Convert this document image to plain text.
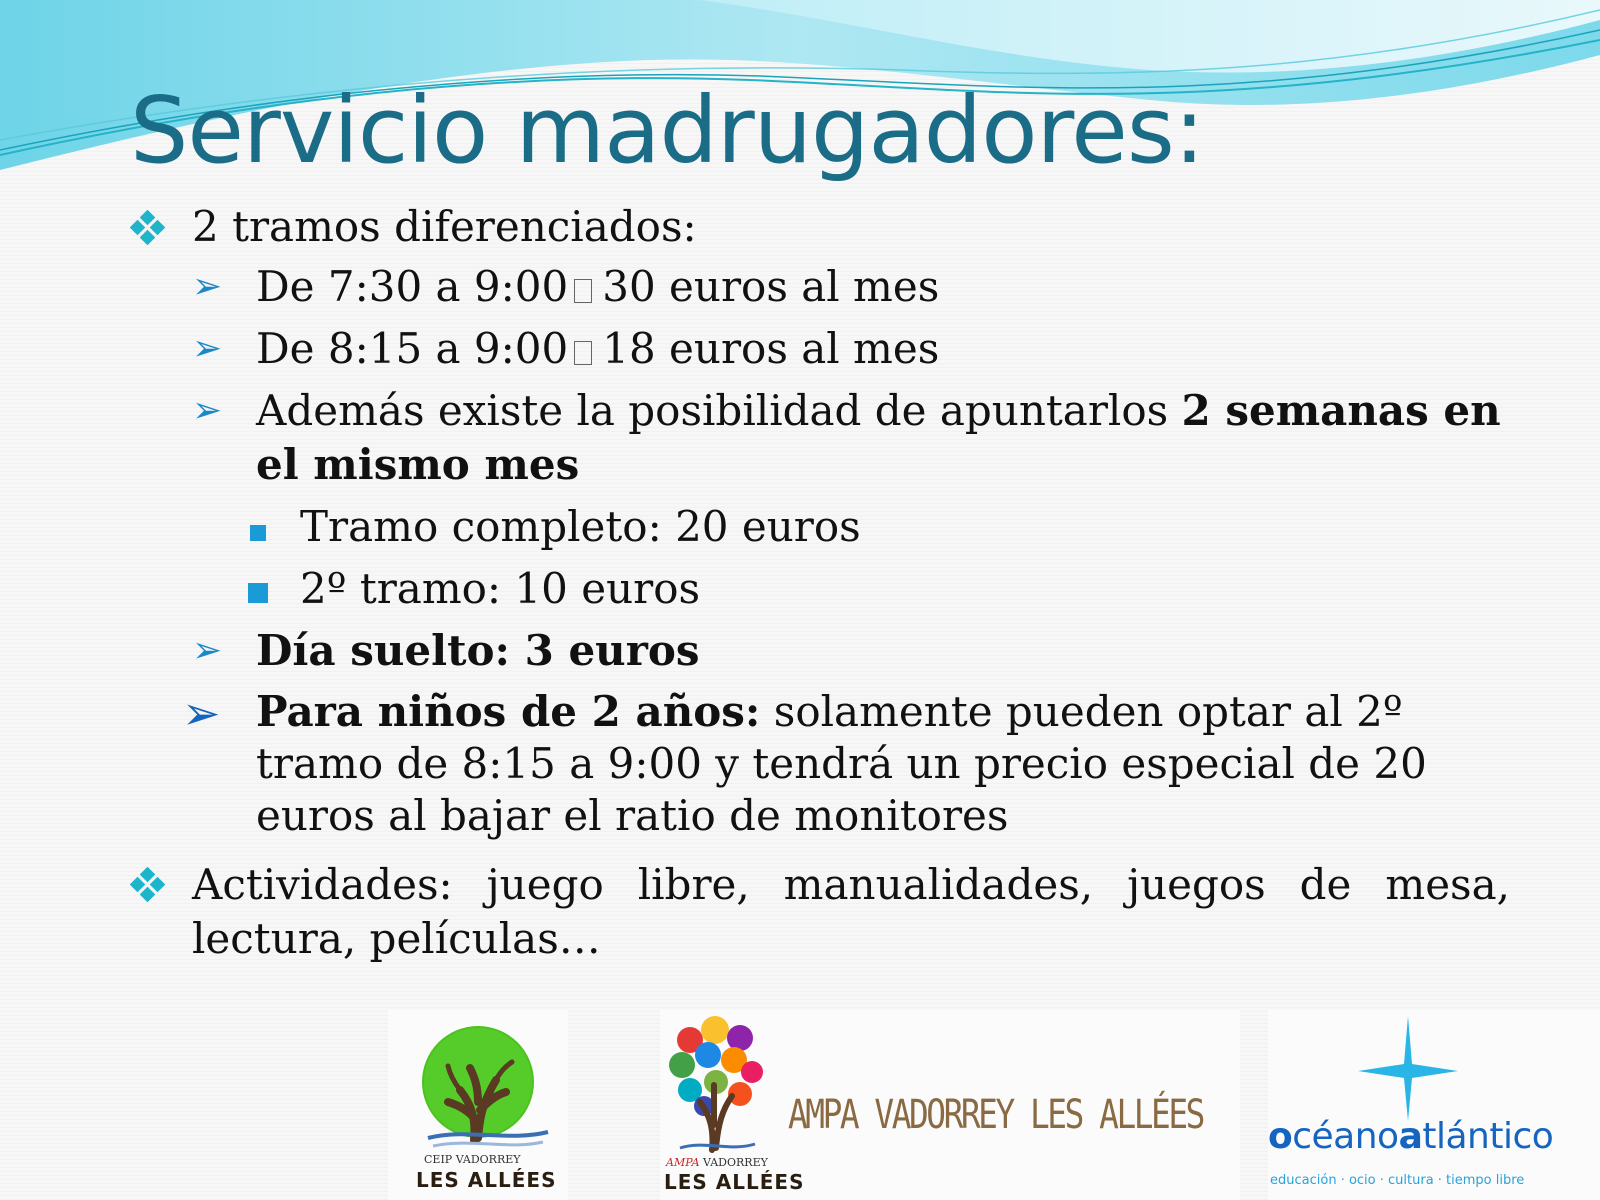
Servicio madrugadores:
2 tramos diferenciados:
➢ De 7:30 a 9:00 30 euros al mes
➢ De 8:15 a 9:00 18 euros al mes
➢ Además existe la posibilidad de apuntarlos 2 semanas en el mismo mes
Tramo completo: 20 euros
2º tramo: 10 euros
➢ Día suelto: 3 euros
➢ Para niños de 2 años: solamente pueden optar al 2º tramo de 8:15 a 9:00 y tendrá un precio especial de 20 euros al bajar el ratio de monitores
Actividades: juego libre, manualidades, juegos de mesa, lectura, películas…
CEIP VADORREY
LES ALLÉES
AMPA VADORREY
LES ALLÉES
AMPA VADORREY LES ALLÉES océanoatlántico
educación · ocio · cultura · tiempo libre
